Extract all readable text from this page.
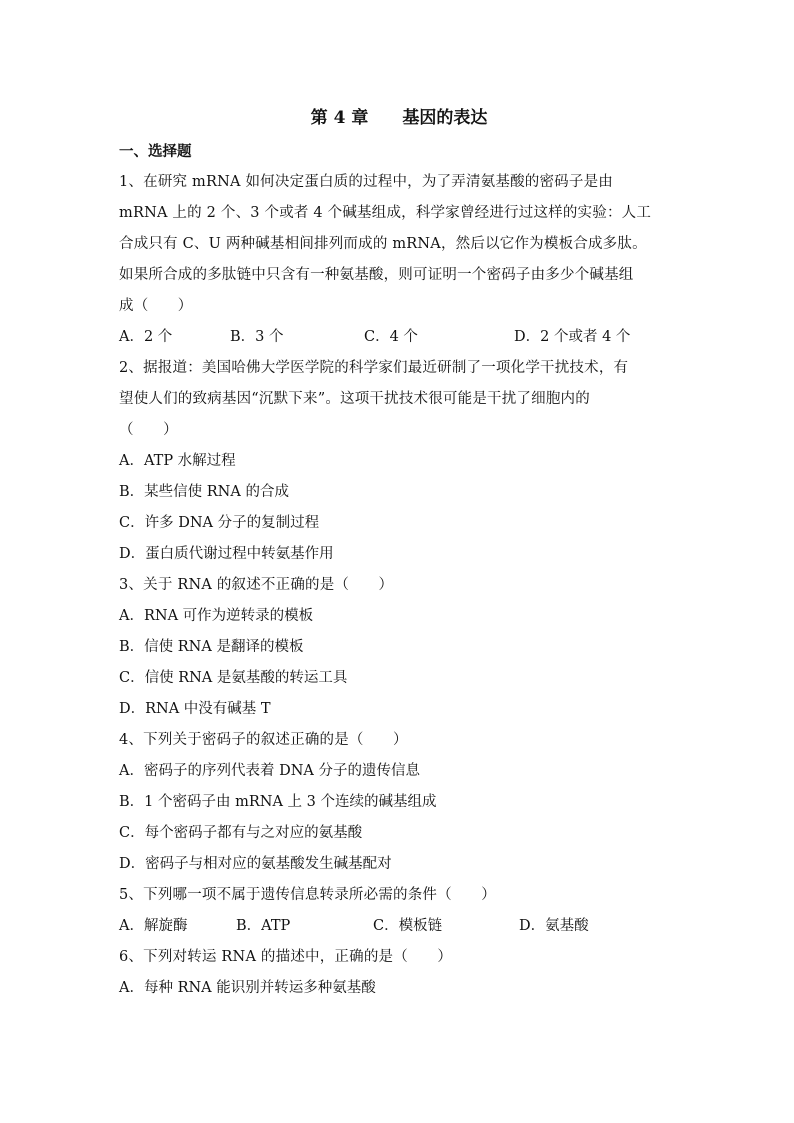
第 4 章 基因的表达
一、选择题
1、在研究 mRNA 如何决定蛋白质的过程中，为了弄清氨基酸的密码子是由
mRNA 上的 2 个、3 个或者 4 个碱基组成，科学家曾经进行过这样的实验：人工
合成只有 C、U 两种碱基相间排列而成的 mRNA，然后以它作为模板合成多肽。
如果所合成的多肽链中只含有一种氨基酸，则可证明一个密码子由多少个碱基组
成（　　）
A．2 个	B．3 个	C．4 个	D．2 个或者 4 个
2、据报道：美国哈佛大学医学院的科学家们最近研制了一项化学干扰技术，有
望使人们的致病基因“沉默下来”。这项干扰技术很可能是干扰了细胞内的
（　　）
A．ATP 水解过程
B．某些信使 RNA 的合成
C．许多 DNA 分子的复制过程
D．蛋白质代谢过程中转氨基作用
3、关于 RNA 的叙述不正确的是（　　）
A．RNA 可作为逆转录的模板
B．信使 RNA 是翻译的模板
C．信使 RNA 是氨基酸的转运工具
D．RNA 中没有碱基 T
4、下列关于密码子的叙述正确的是（　　）
A．密码子的序列代表着 DNA 分子的遗传信息
B．1 个密码子由 mRNA 上 3 个连续的碱基组成
C．每个密码子都有与之对应的氨基酸
D．密码子与相对应的氨基酸发生碱基配对
5、下列哪一项不属于遗传信息转录所必需的条件（　　）
A．解旋酶	B．ATP	C．模板链	D．氨基酸
6、下列对转运 RNA 的描述中，正确的是（　　）
A．每种 RNA 能识别并转运多种氨基酸
